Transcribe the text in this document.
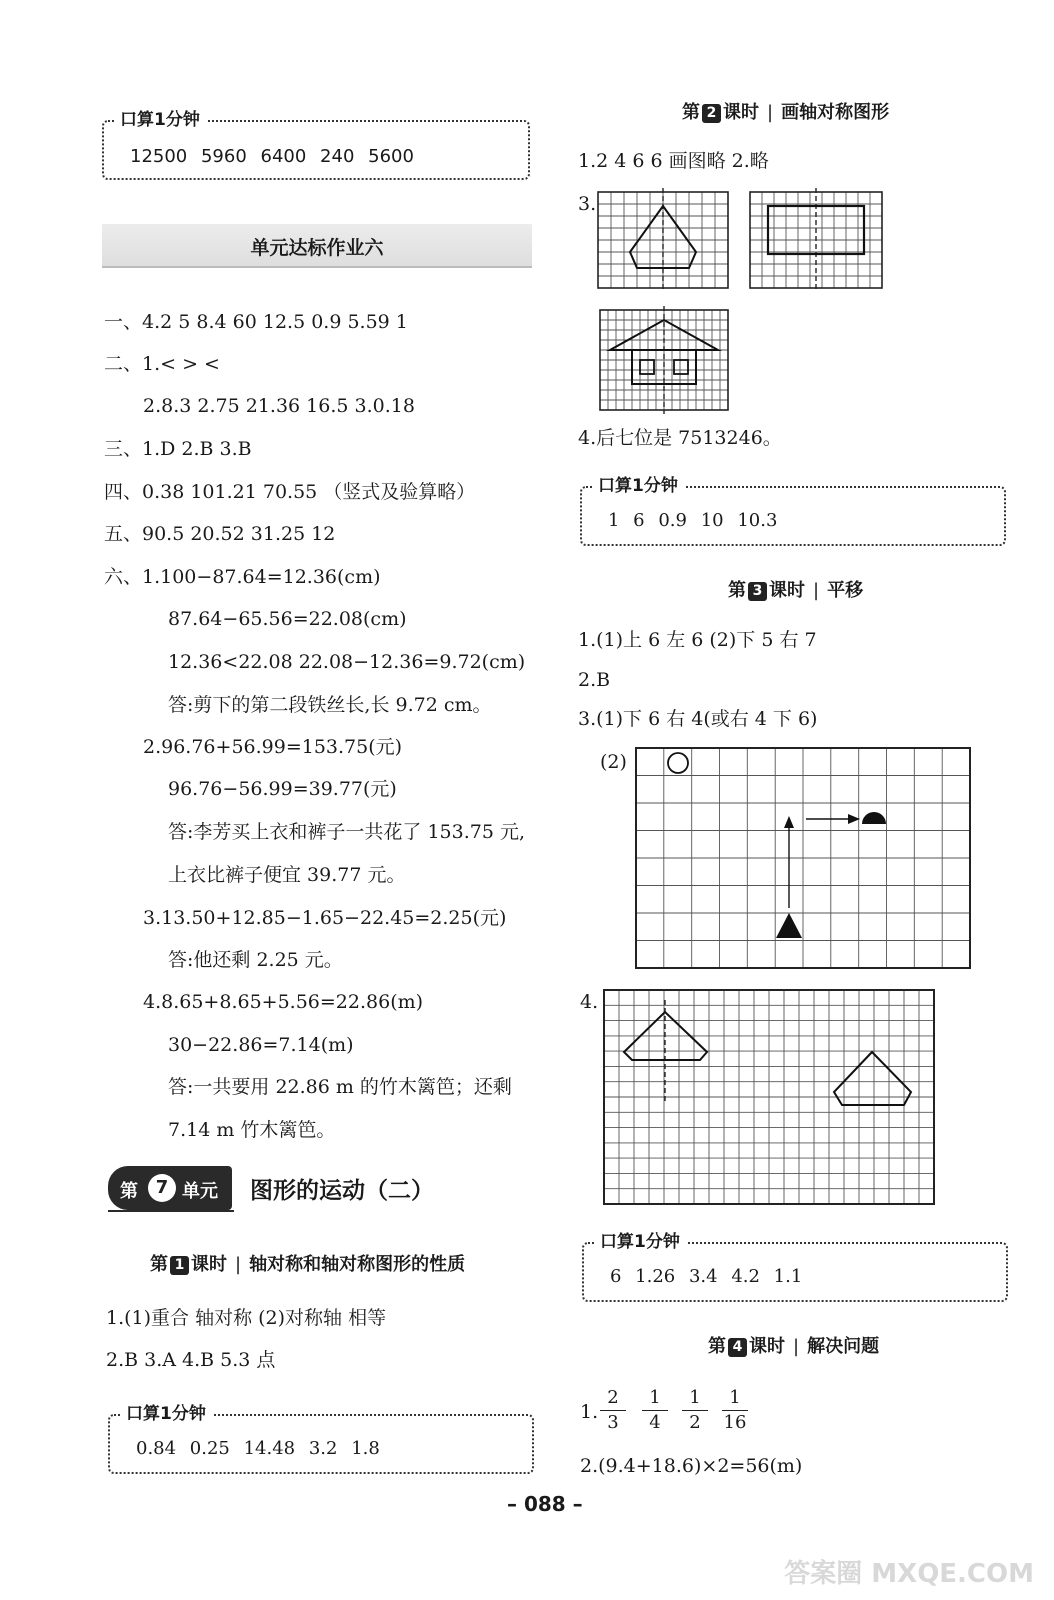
口算1分钟
12500 5960 6400 240 5600
单元达标作业六
一、4.2 5 8.4 60 12.5 0.9 5.59 1
二、1.< > <
2.8.3 2.75 21.36 16.5 3.0.18
三、1.D 2.B 3.B
四、0.38 101.21 70.55 （竖式及验算略）
五、90.5 20.52 31.25 12
六、1.100−87.64=12.36(cm)
87.64−65.56=22.08(cm)
12.36<22.08 22.08−12.36=9.72(cm)
答:剪下的第二段铁丝长,长 9.72 cm。
2.96.76+56.99=153.75(元)
96.76−56.99=39.77(元)
答:李芳买上衣和裤子一共花了 153.75 元,
上衣比裤子便宜 39.77 元。
3.13.50+12.85−1.65−22.45=2.25(元)
答:他还剩 2.25 元。
4.8.65+8.65+5.56=22.86(m)
30−22.86=7.14(m)
答:一共要用 22.86 m 的竹木篱笆；还剩
7.14 m 竹木篱笆。
第 7 单元 图形的运动（二）
第 1 课时 | 轴对称和轴对称图形的性质
1.(1)重合 轴对称 (2)对称轴 相等
2.B 3.A 4.B 5.3 点
口算1分钟
0.84 0.25 14.48 3.2 1.8
第 2 课时 | 画轴对称图形
1.2 4 6 6 画图略 2.略
3.
4.后七位是 7513246。
口算1分钟
1 6 0.9 10 10.3
第 3 课时 | 平移
1.(1)上 6 左 6 (2)下 5 右 7
2.B
3.(1)下 6 右 4(或右 4 下 6)
(2)
4.
口算1分钟
6 1.26 3.4 4.2 1.1
第 4 课时 | 解决问题
1.
2
3
1
4
1
2
1
16
2.(9.4+18.6)×2=56(m)
– 088 –
答案圈 MXQE.COM
